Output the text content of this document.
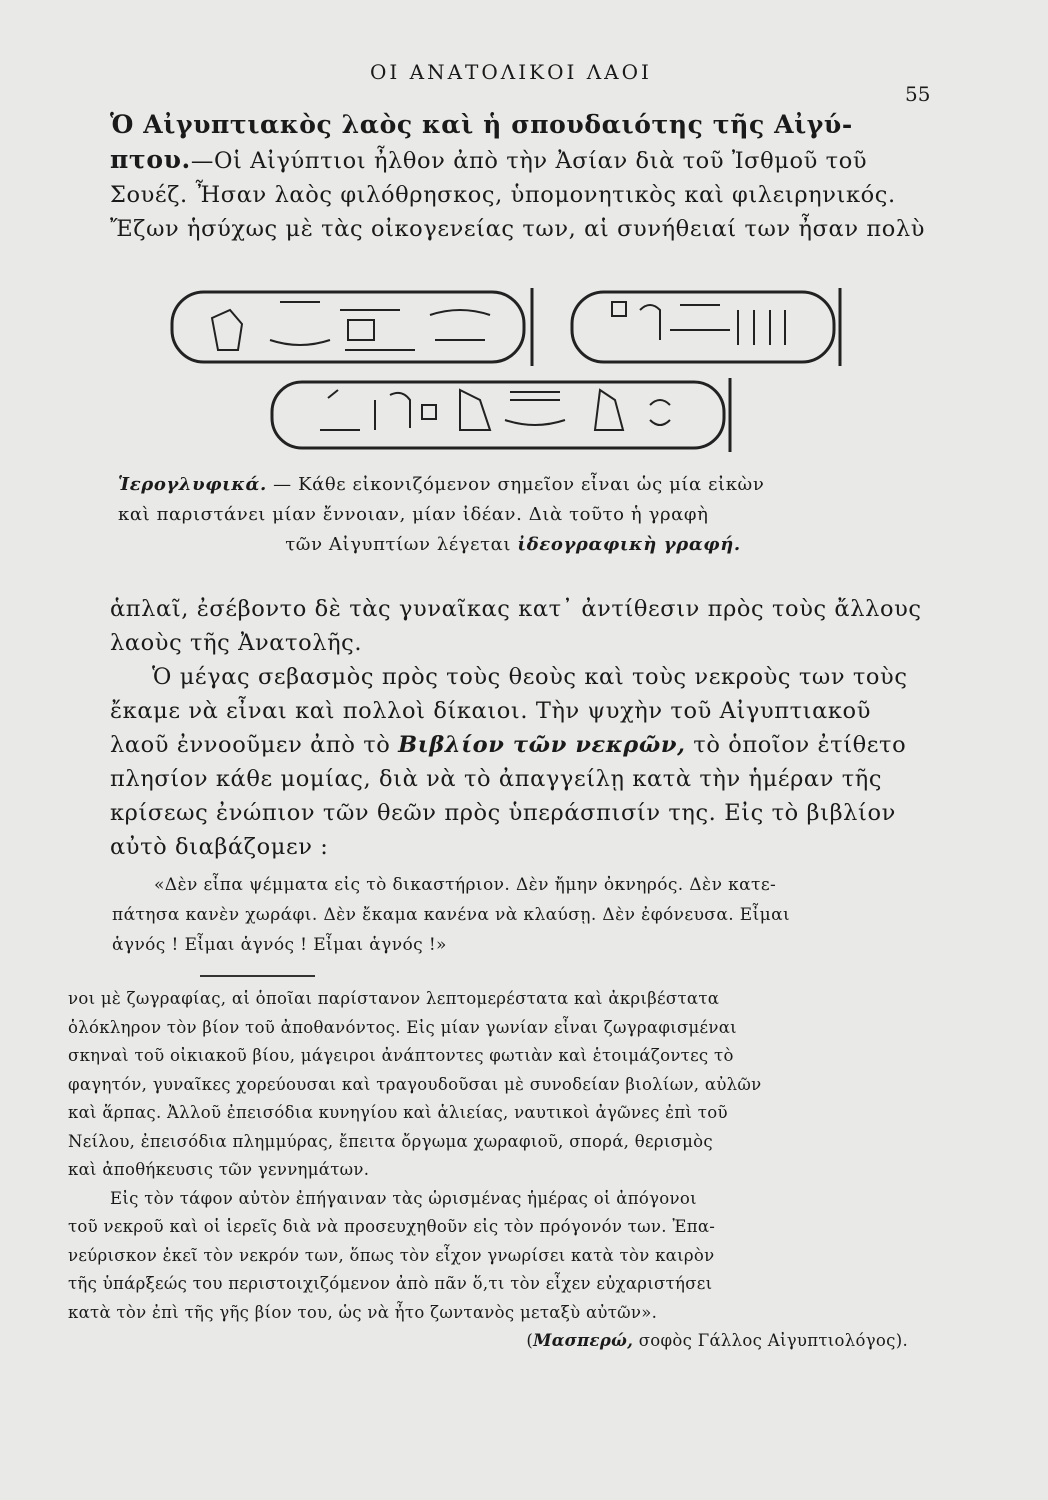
ΟΙ ΑΝΑΤΟΛΙΚΟΙ ΛΑΟΙ
55
Ὁ Αἰγυπτιακὸς λαὸς καὶ ἡ σπουδαιότης τῆς Αἰγύ-
πτου.—Οἱ Αἰγύπτιοι ἦλθον ἀπὸ τὴν Ἀσίαν διὰ τοῦ Ἰσθμοῦ τοῦ
Σουέζ. Ἦσαν λαὸς φιλόθρησκος, ὑπομονητικὸς καὶ φιλειρηνικός.
Ἔζων ἡσύχως μὲ τὰς οἰκογενείας των, αἱ συνήθειαί των ἦσαν πολὺ
Ἱερογλυφικά. — Κάθε εἰκονιζόμενον σημεῖον εἶναι ὡς μία εἰκὼν
καὶ παριστάνει μίαν ἔννοιαν, μίαν ἰδέαν. Διὰ τοῦτο ἡ γραφὴ
τῶν Αἰγυπτίων λέγεται ἰδεογραφικὴ γραφή.
ἁπλαῖ, ἐσέβοντο δὲ τὰς γυναῖκας κατ᾽ ἀντίθεσιν πρὸς τοὺς ἄλλους
λαοὺς τῆς Ἀνατολῆς.
Ὁ μέγας σεβασμὸς πρὸς τοὺς θεοὺς καὶ τοὺς νεκροὺς των τοὺς
ἔκαμε νὰ εἶναι καὶ πολλοὶ δίκαιοι. Τὴν ψυχὴν τοῦ Αἰγυπτιακοῦ
λαοῦ ἐννοοῦμεν ἀπὸ τὸ Βιβλίον τῶν νεκρῶν, τὸ ὁποῖον ἐτίθετο
πλησίον κάθε μομίας, διὰ νὰ τὸ ἀπαγγείλῃ κατὰ τὴν ἡμέραν τῆς
κρίσεως ἐνώπιον τῶν θεῶν πρὸς ὑπεράσπισίν της. Εἰς τὸ βιβλίον
αὐτὸ διαβάζομεν :
«Δὲν εἶπα ψέμματα εἰς τὸ δικαστήριον. Δὲν ἤμην ὀκνηρός. Δὲν κατε-
πάτησα κανὲν χωράφι. Δὲν ἔκαμα κανένα νὰ κλαύσῃ. Δὲν ἐφόνευσα. Εἶμαι
ἁγνός ! Εἶμαι ἁγνός ! Εἶμαι ἁγνός !»
νοι μὲ ζωγραφίας, αἱ ὁποῖαι παρίστανον λεπτομερέστατα καὶ ἀκριβέστατα
ὁλόκληρον τὸν βίον τοῦ ἀποθανόντος. Εἰς μίαν γωνίαν εἶναι ζωγραφισμέναι
σκηναὶ τοῦ οἰκιακοῦ βίου, μάγειροι ἀνάπτοντες φωτιὰν καὶ ἑτοιμάζοντες τὸ
φαγητόν, γυναῖκες χορεύουσαι καὶ τραγουδοῦσαι μὲ συνοδείαν βιολίων, αὐλῶν
καὶ ἅρπας. Ἀλλοῦ ἐπεισόδια κυνηγίου καὶ ἁλιείας, ναυτικοὶ ἀγῶνες ἐπὶ τοῦ
Νείλου, ἐπεισόδια πλημμύρας, ἔπειτα ὄργωμα χωραφιοῦ, σπορά, θερισμὸς
καὶ ἀποθήκευσις τῶν γεννημάτων.
Εἰς τὸν τάφον αὐτὸν ἐπήγαιναν τὰς ὡρισμένας ἡμέρας οἱ ἀπόγονοι
τοῦ νεκροῦ καὶ οἱ ἱερεῖς διὰ νὰ προσευχηθοῦν εἰς τὸν πρόγονόν των. Ἐπα-
νεύρισκον ἐκεῖ τὸν νεκρόν των, ὅπως τὸν εἶχον γνωρίσει κατὰ τὸν καιρὸν
τῆς ὑπάρξεώς του περιστοιχιζόμενον ἀπὸ πᾶν ὅ,τι τὸν εἶχεν εὐχαριστήσει
κατὰ τὸν ἐπὶ τῆς γῆς βίον του, ὡς νὰ ἦτο ζωντανὸς μεταξὺ αὐτῶν».
(Μασπερώ, σοφὸς Γάλλος Αἰγυπτιολόγος).
